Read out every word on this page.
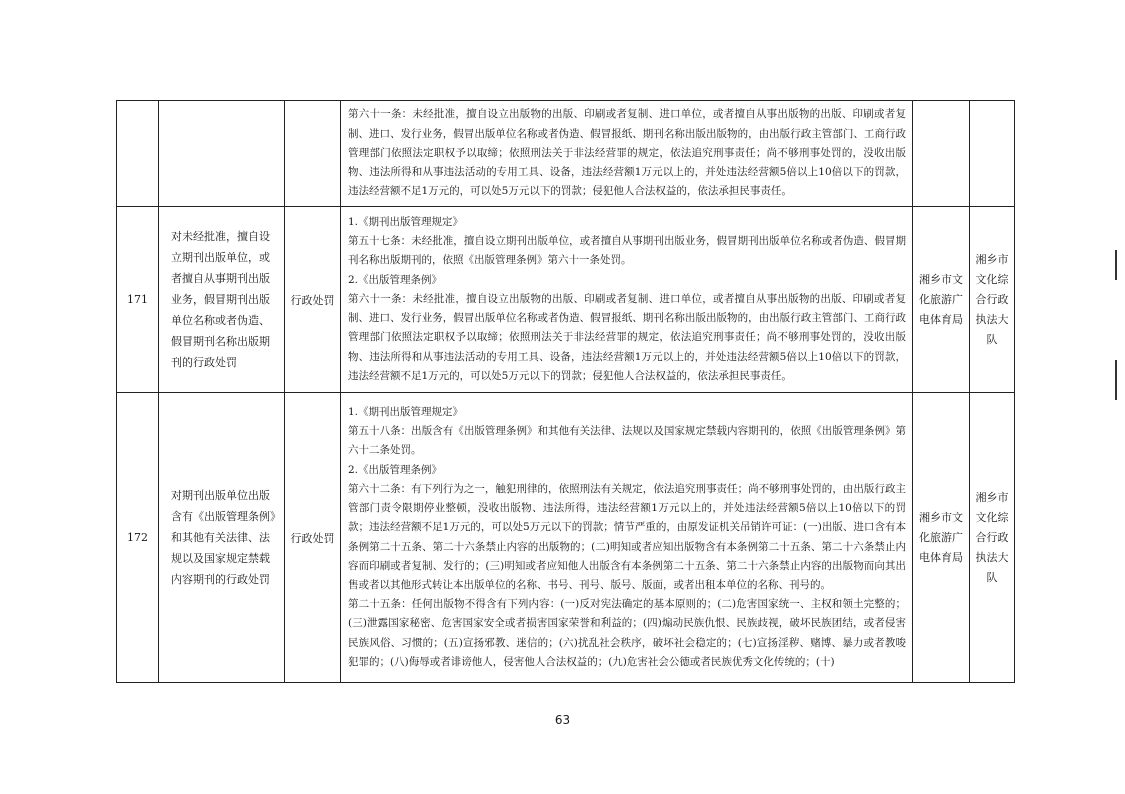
			第六十一条：未经批准，擅自设立出版物的出版、印刷或者复制、进口单位，或者擅自从事出版物的出版、印刷或者复制、进口、发行业务，假冒出版单位名称或者伪造、假冒报纸、期刊名称出版出版物的，由出版行政主管部门、工商行政管理部门依照法定职权予以取缔；依照刑法关于非法经营罪的规定，依法追究刑事责任；尚不够刑事处罚的，没收出版物、违法所得和从事违法活动的专用工具、设备，违法经营额1万元以上的，并处违法经营额5倍以上10倍以下的罚款，违法经营额不足1万元的，可以处5万元以下的罚款；侵犯他人合法权益的，依法承担民事责任。		

171	对未经批准，擅自设立期刊出版单位，或者擅自从事期刊出版业务，假冒期刊出版单位名称或者伪造、假冒期刊名称出版期刊的行政处罚	行政处罚	1.《期刊出版管理规定》

第五十七条：未经批准，擅自设立期刊出版单位，或者擅自从事期刊出版业务，假冒期刊出版单位名称或者伪造、假冒期刊名称出版期刊的，依照《出版管理条例》第六十一条处罚。

2.《出版管理条例》

第六十一条：未经批准，擅自设立出版物的出版、印刷或者复制、进口单位，或者擅自从事出版物的出版、印刷或者复制、进口、发行业务，假冒出版单位名称或者伪造、假冒报纸、期刊名称出版出版物的，由出版行政主管部门、工商行政管理部门依照法定职权予以取缔；依照刑法关于非法经营罪的规定，依法追究刑事责任；尚不够刑事处罚的，没收出版物、违法所得和从事违法活动的专用工具、设备，违法经营额1万元以上的，并处违法经营额5倍以上10倍以下的罚款，违法经营额不足1万元的，可以处5万元以下的罚款；侵犯他人合法权益的，依法承担民事责任。	湘乡市文化旅游广电体育局	湘乡市文化综合行政执法大队
172	对期刊出版单位出版含有《出版管理条例》和其他有关法律、法规以及国家规定禁载内容期刊的行政处罚	行政处罚	1.《期刊出版管理规定》

第五十八条：出版含有《出版管理条例》和其他有关法律、法规以及国家规定禁载内容期刊的，依照《出版管理条例》第六十二条处罚。

2.《出版管理条例》

第六十二条：有下列行为之一，触犯刑律的，依照刑法有关规定，依法追究刑事责任；尚不够刑事处罚的，由出版行政主管部门责令限期停业整顿，没收出版物、违法所得，违法经营额1万元以上的，并处违法经营额5倍以上10倍以下的罚款；违法经营额不足1万元的，可以处5万元以下的罚款；情节严重的，由原发证机关吊销许可证：(一)出版、进口含有本条例第二十五条、第二十六条禁止内容的出版物的；(二)明知或者应知出版物含有本条例第二十五条、第二十六条禁止内容而印刷或者复制、发行的；(三)明知或者应知他人出版含有本条例第二十五条、第二十六条禁止内容的出版物而向其出售或者以其他形式转让本出版单位的名称、书号、刊号、版号、版面，或者出租本单位的名称、刊号的。

第二十五条：任何出版物不得含有下列内容：(一)反对宪法确定的基本原则的；(二)危害国家统一、主权和领土完整的；(三)泄露国家秘密、危害国家安全或者损害国家荣誉和利益的；(四)煽动民族仇恨、民族歧视，破坏民族团结，或者侵害民族风俗、习惯的；(五)宣扬邪教、迷信的；(六)扰乱社会秩序，破坏社会稳定的；(七)宣扬淫秽、赌博、暴力或者教唆犯罪的；(八)侮辱或者诽谤他人，侵害他人合法权益的；(九)危害社会公德或者民族优秀文化传统的；(十)	湘乡市文化旅游广电体育局	湘乡市文化综合行政执法大队
63
